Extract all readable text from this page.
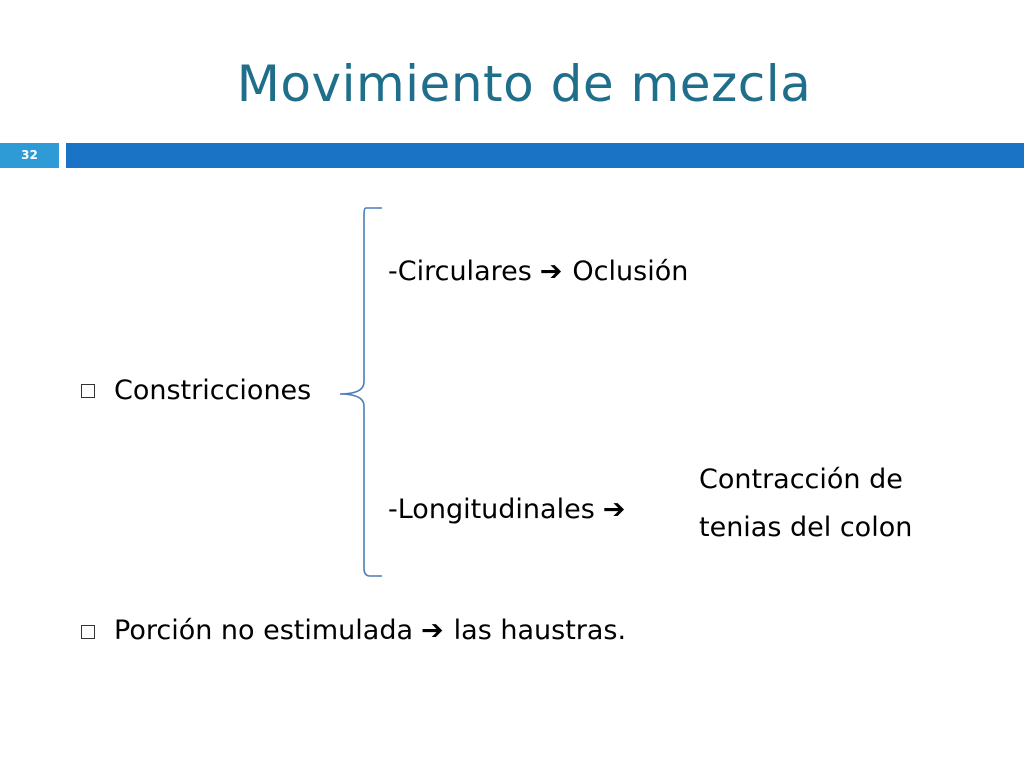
Movimiento de mezcla
32
Constricciones
-Circulares ➔ Oclusión
-Longitudinales ➔
Contracción de
tenias del colon
Porción no estimulada ➔ las haustras.
